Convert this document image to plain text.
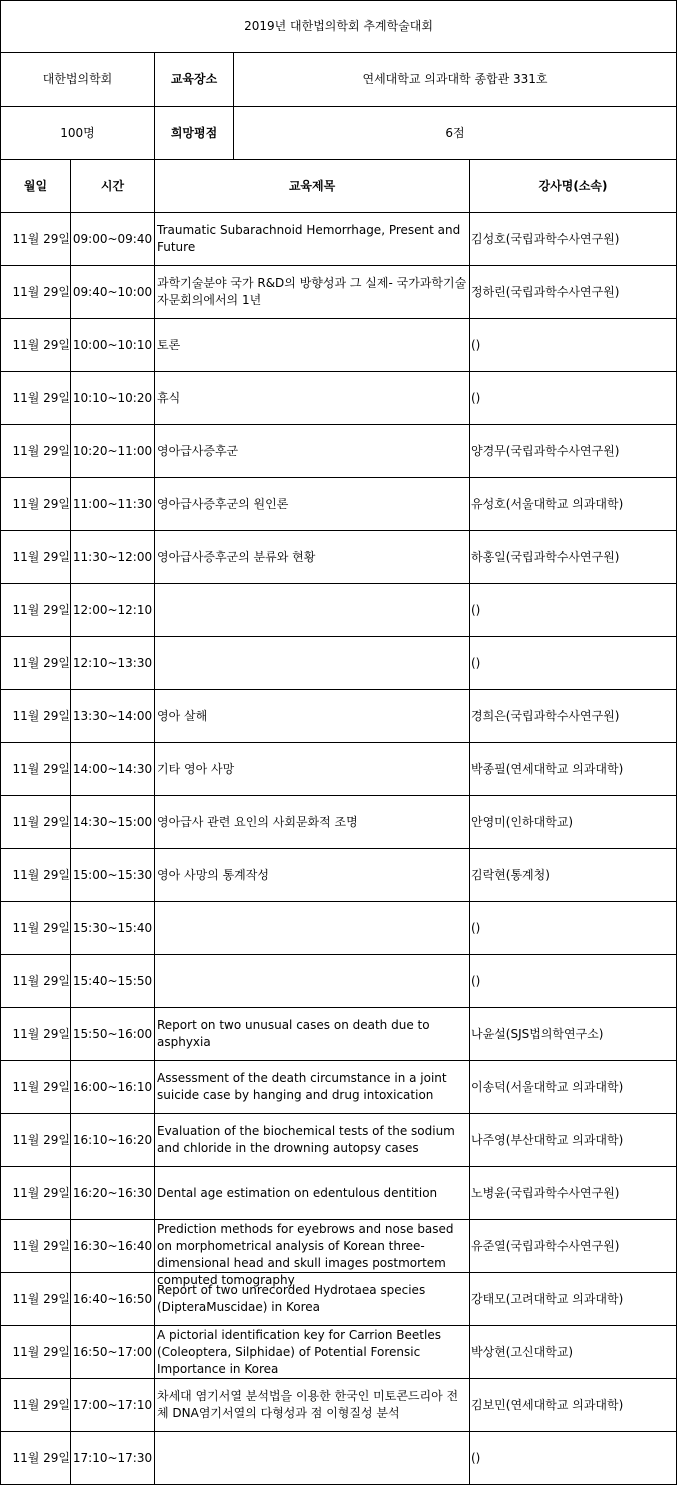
2019년 대한법의학회 추계학술대회				
대한법의학회		교육장소	연세대학교 의과대학 종합관 331호	
100명		희망평점	6점	
월일	시간	교육제목		강사명(소속)
11월 29일	09:00~09:40	Traumatic Subarachnoid Hemorrhage, Present and Future		김성호(국립과학수사연구원)
11월 29일	09:40~10:00	과학기술분야 국가 R&D의 방향성과 그 실제- 국가과학기술자문회의에서의 1년		정하린(국립과학수사연구원)
11월 29일	10:00~10:10	토론		()
11월 29일	10:10~10:20	휴식		()
11월 29일	10:20~11:00	영아급사증후군		양경무(국립과학수사연구원)
11월 29일	11:00~11:30	영아급사증후군의 원인론		유성호(서울대학교 의과대학)
11월 29일	11:30~12:00	영아급사증후군의 분류와 현황		하홍일(국립과학수사연구원)
11월 29일	12:00~12:10			()
11월 29일	12:10~13:30			()
11월 29일	13:30~14:00	영아 살해		경희은(국립과학수사연구원)
11월 29일	14:00~14:30	기타 영아 사망		박종필(연세대학교 의과대학)
11월 29일	14:30~15:00	영아급사 관련 요인의 사회문화적 조명		안영미(인하대학교)
11월 29일	15:00~15:30	영아 사망의 통계작성		김락현(통계청)
11월 29일	15:30~15:40			()
11월 29일	15:40~15:50			()
11월 29일	15:50~16:00	Report on two unusual cases on death due to asphyxia		나윤설(SJS법의학연구소)
11월 29일	16:00~16:10	Assessment of the death circumstance in a joint suicide case by hanging and drug intoxication		이송덕(서울대학교 의과대학)
11월 29일	16:10~16:20	Evaluation of the biochemical tests of the sodium and chloride in the drowning autopsy cases		나주영(부산대학교 의과대학)
11월 29일	16:20~16:30	Dental age estimation on edentulous dentition		노병윤(국립과학수사연구원)
11월 29일	16:30~16:40	Prediction methods for eyebrows and nose based on morphometrical analysis of Korean three-dimensional head and skull images postmortem computed tomography		유준열(국립과학수사연구원)
11월 29일	16:40~16:50	Report of two unrecorded Hydrotaea species (DipteraMuscidae) in Korea		강태모(고려대학교 의과대학)
11월 29일	16:50~17:00	A pictorial identification key for Carrion Beetles (Coleoptera, Silphidae) of Potential Forensic Importance in Korea		박상현(고신대학교)
11월 29일	17:00~17:10	차세대 염기서열 분석법을 이용한 한국인 미토콘드리아 전체 DNA염기서열의 다형성과 점 이형질성 분석		김보민(연세대학교 의과대학)
11월 29일	17:10~17:30			()
